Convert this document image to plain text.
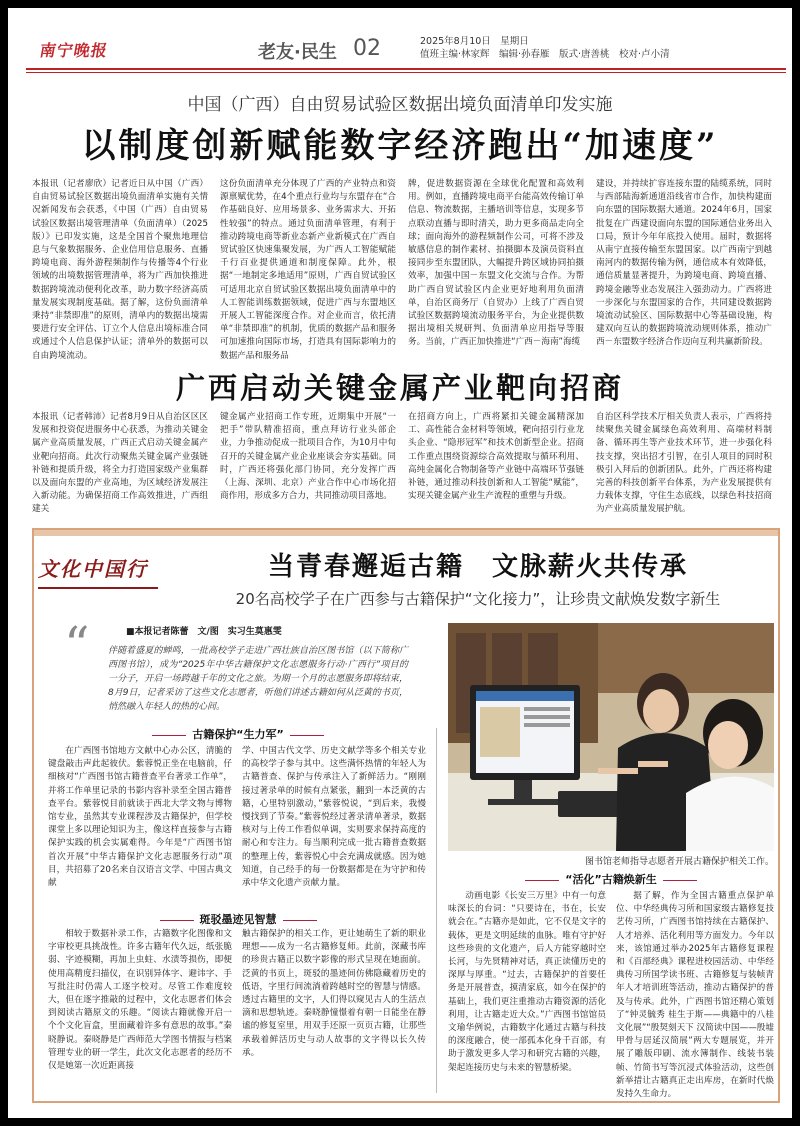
南宁晚报	老友·民生 02	2025年8月10日　星期日
值班主编·林家辉　编辑·孙春雁　版式·唐善桃　校对·卢小清
中国（广西）自由贸易试验区数据出境负面清单印发实施
以制度创新赋能数字经济跑出“加速度”

本报讯（记者廖欣）记者近日从中国（广西）自由贸易试验区数据出境负面清单实施有关情况新闻发布会获悉，《中国（广西）自由贸易试验区数据出境管理清单（负面清单）（2025版）》已印发实施，这是全国首个聚焦地理信息与气象数据服务、企业信用信息服务、直播跨境电商、海外游程频制作与传播等4个行业领域的出境数据管理清单，将为广西加快推进数据跨境流动便利化改革，助力数字经济高质量发展实现制度基础。据了解，这份负面清单秉持“非禁即准”的原则，清单内的数据出境需要进行安全评估、订立个人信息出境标准合同或通过个人信息保护认证；清单外的数据可以自由跨境流动。

这份负面清单充分体现了广西的产业特点和资源禀赋优势，在4个重点行业均与东盟存在“合作基础良好、应用场景多、业务需求大、开拓性较强”的特点。通过负面清单管理，有利于推动跨境电商等新业态新产业新模式在广西自贸试验区快速集聚发展，为广西人工智能赋能千行百业提供通道和制度保障。此外，根据“一地制定多地适用”原则，广西自贸试验区可适用北京自贸试验区数据出境负面清单中的人工智能训练数据领域，促进广西与东盟地区开展人工智能深度合作。对企业而言，依托清单“非禁即准”的机制，优质的数据产品和服务可加速推向国际市场，打造具有国际影响力的数据产品和服务品

牌，促进数据资源在全球优化配置和高效利用。例如，直播跨境电商平台能高效传输订单信息、物流数据，主播培训等信息，实现多节点联动直播与即时清关，助力更多商品走向全球；面向海外的游程频制作公司，可将不涉及敏感信息的制作素材、拍摄脚本及演员资料直接同步至东盟团队，大幅提升跨区域协同拍摄效率，加强中国－东盟文化交流与合作。为帮助广西自贸试验区内企业更好地利用负面清单，自治区商务厅（自贸办）上线了广西自贸试验区数据跨境流动服务平台，为企业提供数据出境相关规研判、负面清单应用指导等服务。当前，广西正加快推进“广西－海南”海缆

建设，并持续扩容连接东盟的陆缆系统，同时与西部陆海新通道沿线省市合作，加快构建面向东盟的国际数据大通道。2024年6月，国家批复在广西建设面向东盟的国际通信业务出入口局，预计今年年底投入使用。届时，数据将从南宁直接传输至东盟国家。以广西南宁到越南河内的数据传输为例，通信成本有效降低，通信质量显著提升，为跨境电商、跨境直播、跨境金融等业态发展注入强劲动力。广西将进一步深化与东盟国家的合作，共同建设数据跨境流动试验区、国际数据中心等基础设施，构建双向互认的数据跨境流动规则体系，推动广西－东盟数字经济合作迈向互利共赢新阶段。

广西启动关键金属产业靶向招商

本报讯（记者韩沛）记者8月9日从自治区区区发展和投资促进服务中心获悉，为推动关键金属产业高质量发展，广西正式启动关键金属产业靶向招商。此次行动聚焦关键金属产业强链补链和提质升级，将全力打造国家级产业集群以及面向东盟的产业高地，为区域经济发展注入新动能。为确保招商工作高效推进，广西组建关

键金属产业招商工作专班，近期集中开展“一把手”带队精准招商，重点拜访行业头部企业，力争推动促成一批项目合作，为10月中旬召开的关键金属产业企业座谈会夯实基础。同时，广西还将强化部门协同，充分发挥广西（上海、深圳、北京）产业合作中心市场化招商作用，形成多方合力，共同推动项目落地。

在招商方向上，广西将紧扣关键金属精深加工、高性能合金材料等领域，靶向招引行业龙头企业、“隐形冠军”和技术创新型企业。招商工作重点围绕资源综合高效提取与循环利用、高纯金属化合物制备等产业链中高端环节强链补链，通过推动科技创新和人工智能“赋能”，实现关键金属产业生产流程的重塑与升级。

自治区科学技术厅相关负责人表示，广西将持续聚焦关键金属绿色高效利用、高端材料制备、循环再生等产业技术环节，进一步强化科技支撑，突出招才引智，在引人项目的同时积极引入拜后的创新团队。此外，广西还将构建完善的科技创新平台体系，为产业发展提供有力载体支撑，守住生态底线，以绿色科技招商为产业高质量发展护航。

文化中国行	当青春邂逅古籍　文脉薪火共传承
20名高校学子在广西参与古籍保护“文化接力”，让珍贵文献焕发数字新生
“	■本报记者陈蕾　文/图　实习生莫惠雯
伴随着盛夏的蝉鸣，一批高校学子走进广西壮族自治区图书馆（以下简称广西图书馆），成为“2025年中华古籍保护文化志愿服务行动·广西行”项目的一分子，开启一场跨越千年的文化之旅。为期一个月的志愿服务即将结束，8月9日，记者采访了这些文化志愿者，听他们讲述古籍如何从泛黄的书页，悄然融入年轻人的热的心间。
古籍保护“生力军”

在广西图书馆地方文献中心办公区，清脆的键盘敲击声此起彼伏。紫蓉悦正坐在电脑前，仔细核对“广西图书馆古籍普查平台著录工作单”，并将工作单里记录的书影内容补录至全国古籍普查平台。紫蓉悦目前就读于西北大学文物与博物馆专业，虽然其专业课程涉及古籍保护，但学校课堂上多以理论知识为主，像这样直接参与古籍保护实践的机会实属难得。今年是“广西图书馆首次开展“中华古籍保护文化志愿服务行动”项目，共招募了20名来自汉语言文学、中国古典文献

学、中国古代文学、历史文献学等多个相关专业的高校学子参与其中。这些满怀热情的年轻人为古籍普查、保护与传承注入了新鲜活力。“刚刚接过著录单的时候有点紧张，翻到一本泛黄的古籍，心里特别激动，”紫蓉悦说，“到后来，我慢慢找到了节奏。”紫蓉悦经过著录清单著录，数据核对与上传工作看似单调，实则要求保持高度的耐心和专注力。每当顺利完成一批古籍普查数据的整理上传，紫蓉悦心中会充满成就感。因为她知道，自己经手的每一份数据都是在为守护和传承中华文化遗产贡献力量。

斑驳墨迹见智慧

相较于数据补录工作，古籍数字化图像和文字审校更具挑战性。许多古籍年代久远，纸张脆弱、字迹模糊，再加上虫蛀、水渍等损伤，即便使用高精度扫描仪，在识别异体字、避讳字、手写批注时仍需人工逐字校对。尽管工作难度较大，但在逐字推敲的过程中，文化志愿者们体会到阅读古籍原文的乐趣。“阅读古籍就像开启一个个文化盲盒，里面藏着许多有意思的故事。”秦晓静说。秦晓静是广西师范大学图书情报与档案管理专业的研一学生，此次文化志愿者的经历不仅是她第一次近距离接

触古籍保护的相关工作，更让她萌生了新的职业理想——成为一名古籍修复师。此前，深藏书库的珍贵古籍正以数字影像的形式呈现在她面前。泛黄的书页上，斑驳的墨迹间仿佛隐藏着历史的低语，字里行间流淌着跨越时空的智慧与情感。透过古籍里的文字，人们得以窥见古人的生活点滴和思想轨迹。秦晓静憧憬着有朝一日能坐在静谧的修复室里，用双手还原一页页古籍，让那些承载着鲜活历史与动人故事的文字得以长久传承。

图书馆老师指导志愿者开展古籍保护相关工作。
“活化”古籍焕新生

动画电影《长安三万里》中有一句意味深长的台词：“只要诗在，书在，长安就会在。”古籍亦是如此，它不仅是文字的载体，更是文明延续的血脉。唯有守护好这些珍贵的文化遗产，后人方能穿越时空长河，与先贤精神对话，真正读懂历史的深厚与厚重。“过去，古籍保护的首要任务是开展普查，摸清家底，如今在保护的基础上，我们更注重推动古籍资源的活化利用，让古籍走近大众。”广西图书馆馆员文瑜华例说，古籍数字化通过古籍与科技的深度融合，使一部孤本化身千百部，有助于激发更多人学习和研究古籍的兴趣，架起连接历史与未来的智慧桥梁。

据了解，作为全国古籍重点保护单位、中华经典传习所和国家级古籍修复技艺传习所，广西图书馆持续在古籍保护、人才培养、活化利用等方面发力。今年以来，该馆通过举办2025年古籍修复课程和《百部经典》课程进校园活动、中华经典传习所国学读书班、古籍修复与装帧青年人才培训班等活动，推动古籍保护的普及与传承。此外，广西图书馆还精心策划了“钟灵毓秀 桂生于斯——典籍中的八桂文化展”“殷契刻天下 汉简读中国——殷墟甲骨与居延汉简展”两大专题展览，并开展了雕版印刷、流水簿制作、线装书装帧、竹简书写等沉浸式体验活动，这些创新举措让古籍真正走出库房，在新时代焕发持久生命力。
